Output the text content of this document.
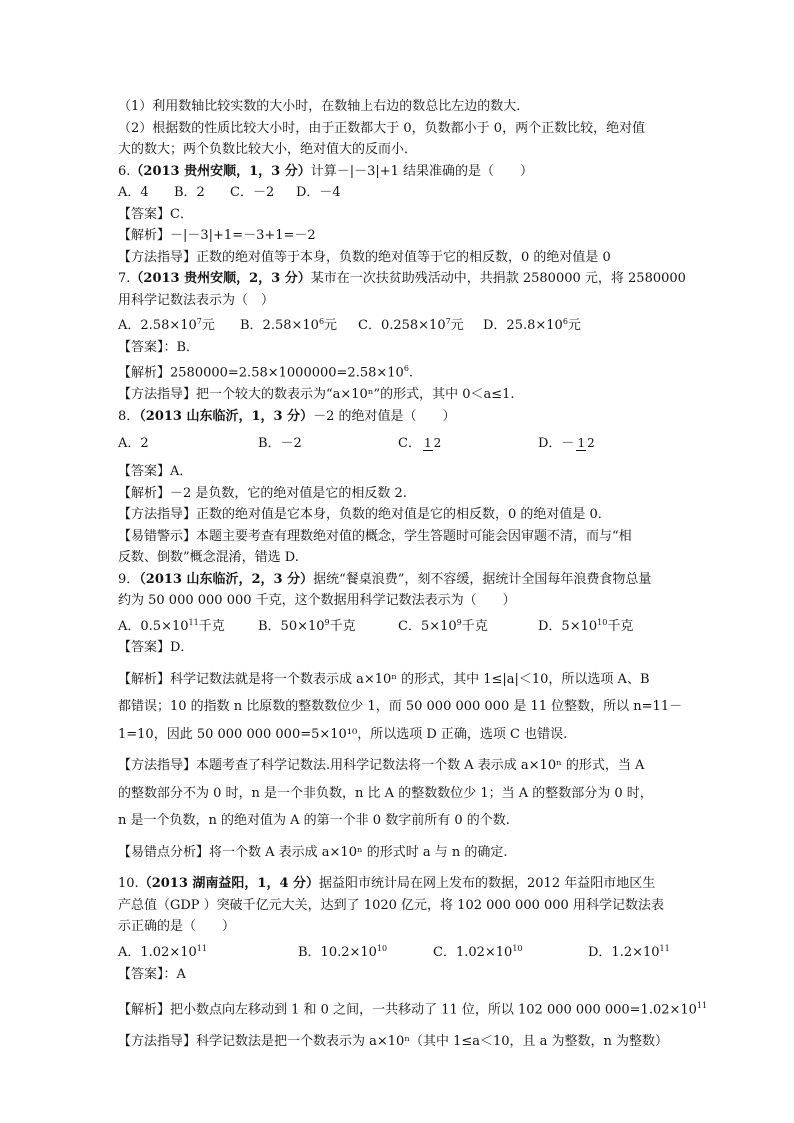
（1）利用数轴比较实数的大小时，在数轴上右边的数总比左边的数大．
（2）根据数的性质比较大小时，由于正数都大于 0，负数都小于 0，两个正数比较，绝对值
大的数大；两个负数比较大小，绝对值大的反而小．
6.（2013 贵州安顺，1，3 分）计算－|－3|+1 结果准确的是（　　）
A．4	B．2	C．－2	D．－4
【答案】C．
【解析】－|－3|+1=－3+1=－2
【方法指导】正数的绝对值等于本身，负数的绝对值等于它的相反数，0 的绝对值是 0
7.（2013 贵州安顺，2，3 分）某市在一次扶贫助残活动中，共捐款 2580000 元，将 2580000
用科学记数法表示为（　）
A．$2.58\times 10^7$元	B．$2.58\times 10^6$元	C．$0.258\times 10^7$元	D．$25.8\times 10^6$元
【答案】：B．
【解析】$2580000=2.58\times 1000000=2.58\times 10^6$.
【方法指导】把一个较大的数表示为“a×10ⁿ”的形式，其中 0＜a≤1.
8．（2013 山东临沂，1，3 分）－2 的绝对值是（　　）
A．2	B．－2	C． 1 2	D．－ 1 2
【答案】A．
【解析】－2 是负数，它的绝对值是它的相反数 2.
【方法指导】正数的绝对值是它本身，负数的绝对值是它的相反数，0 的绝对值是 0．
【易错警示】本题主要考查有理数绝对值的概念，学生答题时可能会因审题不清，而与“相
反数、倒数”概念混淆，错选 D.
9．（2013 山东临沂，2，3 分）据统“餐桌浪费”，刻不容缓，据统计全国每年浪费食物总量
约为 50 000 000 000 千克，这个数据用科学记数法表示为（　　）
A．$0.5\times 10^{11}$千克	B．$50\times 10^9$千克	C．$5\times 10^9$千克	D．$5\times 10^{10}$千克
【答案】D．
【解析】科学记数法就是将一个数表示成 a×10ⁿ 的形式，其中 1≤|a|＜10，所以选项 A、B
都错误；10 的指数 n 比原数的整数数位少 1，而 50 000 000 000 是 11 位整数，所以 n=11－
1=10，因此 50 000 000 000=5×10¹⁰，所以选项 D 正确，选项 C 也错误.
【方法指导】本题考查了科学记数法.用科学记数法将一个数 A 表示成 a×10ⁿ 的形式，当 A
的整数部分不为 0 时，n 是一个非负数，n 比 A 的整数数位少 1；当 A 的整数部分为 0 时，
n 是一个负数，n 的绝对值为 A 的第一个非 0 数字前所有 0 的个数.
【易错点分析】将一个数 A 表示成 a×10ⁿ 的形式时 a 与 n 的确定.
10.（2013 湖南益阳，1，4 分）据益阳市统计局在网上发布的数据，2012 年益阳市地区生
产总值（GDP ）突破千亿元大关，达到了 1020 亿元，将 102 000 000 000 用科学记数法表
示正确的是（　　）
A．$1.02\times 10^{11}$	B．$10.2\times 10^{10}$	C．$1.02\times 10^{10}$	D．$1.2\times 10^{11}$
【答案】：A
【解析】把小数点向左移动到 1 和 0 之间，一共移动了 11 位，所以 102 000 000 $000=1.02\times 10^{11}$
【方法指导】科学记数法是把一个数表示为 a×10ⁿ（其中 1≤a＜10，且 a 为整数，n 为整数）
